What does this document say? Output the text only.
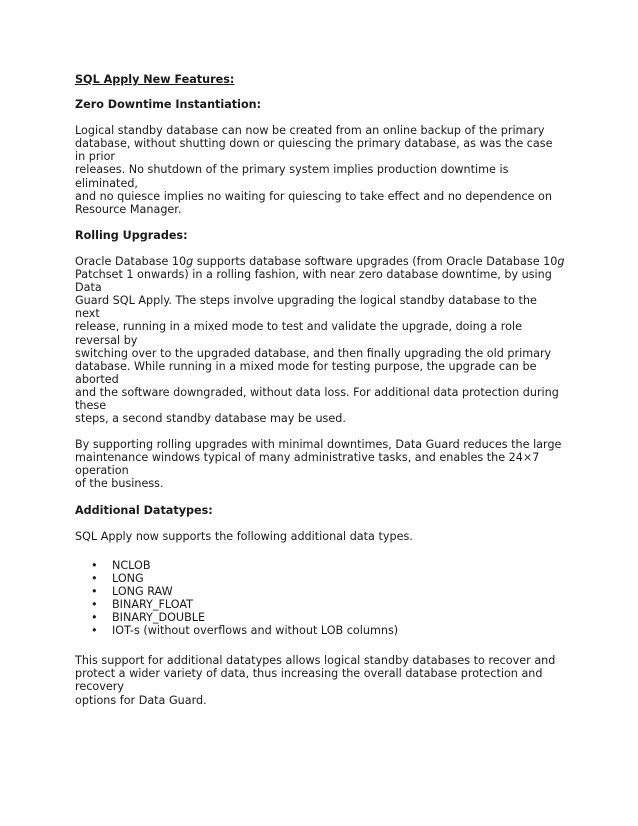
SQL Apply New Features:
Zero Downtime Instantiation:
Logical standby database can now be created from an online backup of the primary
database, without shutting down or quiescing the primary database, as was the case in prior
releases. No shutdown of the primary system implies production downtime is eliminated,
and no quiesce implies no waiting for quiescing to take effect and no dependence on
Resource Manager.
Rolling Upgrades:
Oracle Database 10g supports database software upgrades (from Oracle Database 10g
Patchset 1 onwards) in a rolling fashion, with near zero database downtime, by using Data
Guard SQL Apply. The steps involve upgrading the logical standby database to the next
release, running in a mixed mode to test and validate the upgrade, doing a role reversal by
switching over to the upgraded database, and then finally upgrading the old primary
database. While running in a mixed mode for testing purpose, the upgrade can be aborted
and the software downgraded, without data loss. For additional data protection during these
steps, a second standby database may be used.
By supporting rolling upgrades with minimal downtimes, Data Guard reduces the large
maintenance windows typical of many administrative tasks, and enables the 24×7 operation
of the business.
Additional Datatypes:
SQL Apply now supports the following additional data types.
• NCLOB
• LONG
• LONG RAW
• BINARY_FLOAT
• BINARY_DOUBLE
• IOT-s (without overflows and without LOB columns)
This support for additional datatypes allows logical standby databases to recover and
protect a wider variety of data, thus increasing the overall database protection and recovery
options for Data Guard.
